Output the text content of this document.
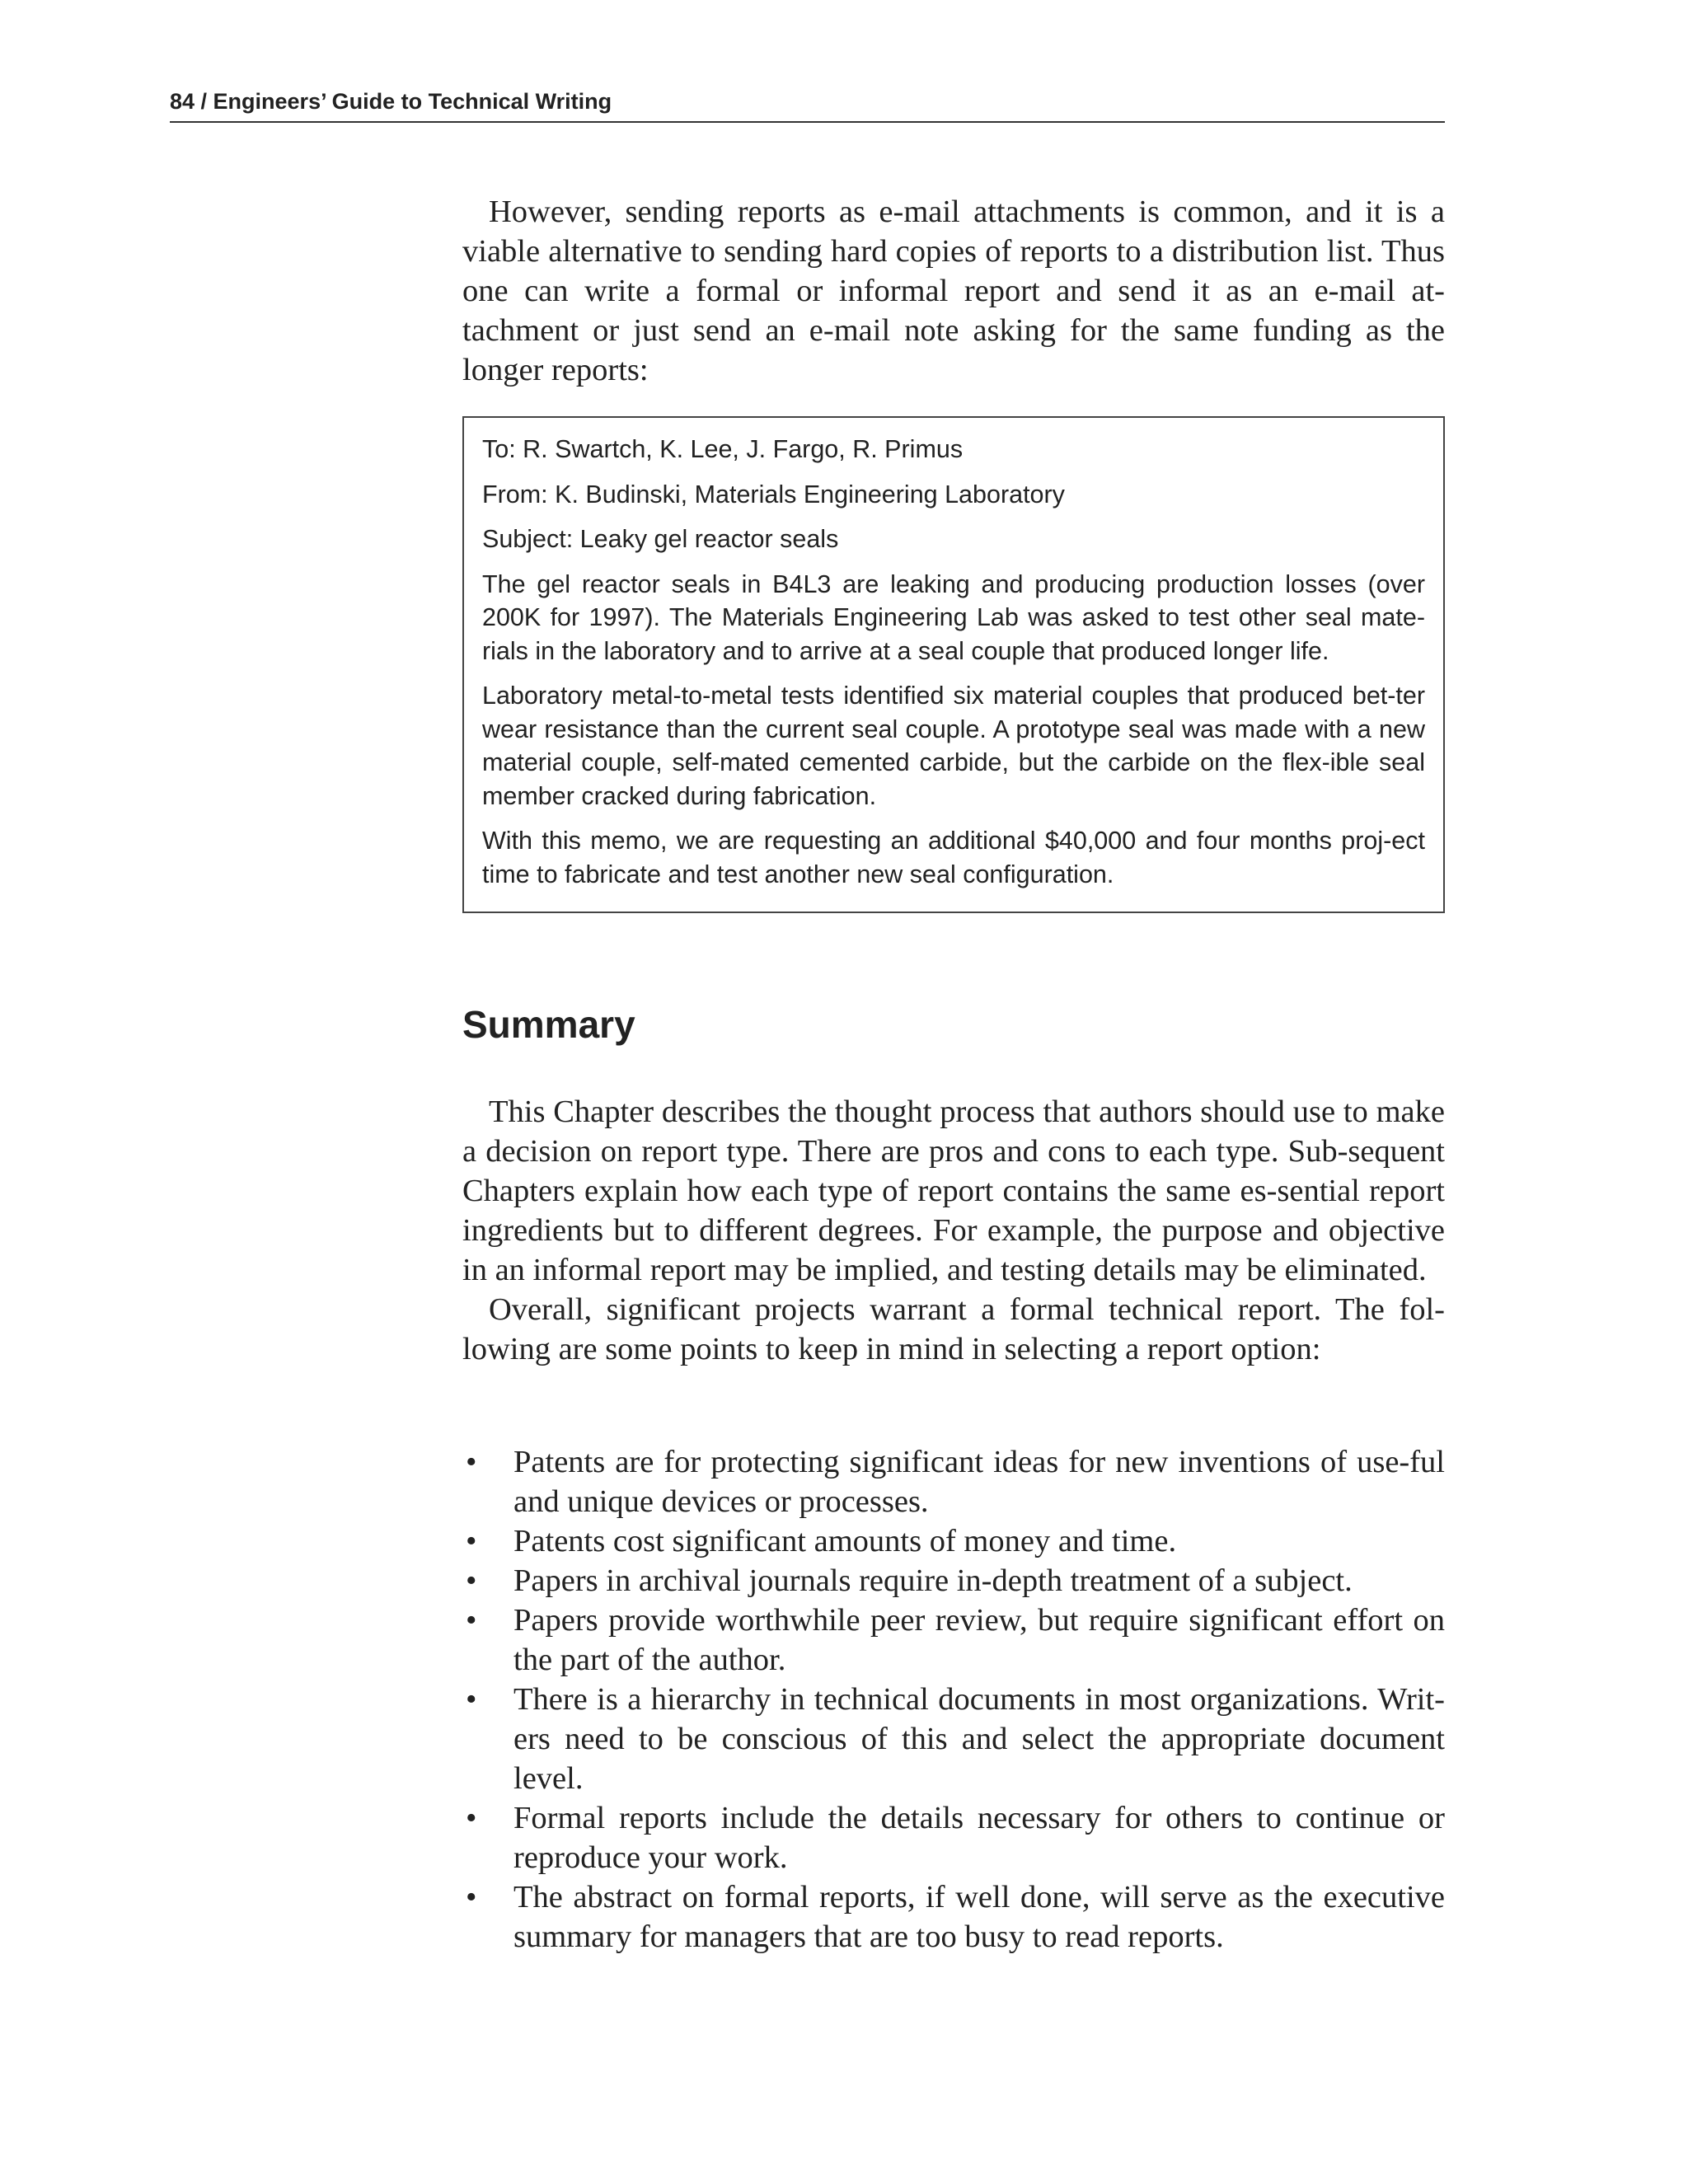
84 / Engineers’ Guide to Technical Writing

However, sending reports as e-mail attachments is common, and it is a viable alternative to sending hard copies of reports to a distribution list. Thus one can write a formal or informal report and send it as an e-mail at-tachment or just send an e-mail note asking for the same funding as the longer reports:

To: R. Swartch, K. Lee, J. Fargo, R. Primus

From: K. Budinski, Materials Engineering Laboratory

Subject: Leaky gel reactor seals

The gel reactor seals in B4L3 are leaking and producing production losses (over 200K for 1997). The Materials Engineering Lab was asked to test other seal mate-rials in the laboratory and to arrive at a seal couple that produced longer life.

Laboratory metal-to-metal tests identified six material couples that produced bet-ter wear resistance than the current seal couple. A prototype seal was made with a new material couple, self-mated cemented carbide, but the carbide on the flex-ible seal member cracked during fabrication.

With this memo, we are requesting an additional $40,000 and four months proj-ect time to fabricate and test another new seal configuration.

Summary

This Chapter describes the thought process that authors should use to make a decision on report type. There are pros and cons to each type. Sub-sequent Chapters explain how each type of report contains the same es-sential report ingredients but to different degrees. For example, the purpose and objective in an informal report may be implied, and testing details may be eliminated.

Overall, significant projects warrant a formal technical report. The fol-lowing are some points to keep in mind in selecting a report option:

• Patents are for protecting significant ideas for new inventions of use-ful and unique devices or processes.
• Patents cost significant amounts of money and time.
• Papers in archival journals require in-depth treatment of a subject.
• Papers provide worthwhile peer review, but require significant effort on the part of the author.
• There is a hierarchy in technical documents in most organizations. Writ-ers need to be conscious of this and select the appropriate document level.
• Formal reports include the details necessary for others to continue or reproduce your work.
• The abstract on formal reports, if well done, will serve as the executive summary for managers that are too busy to read reports.
